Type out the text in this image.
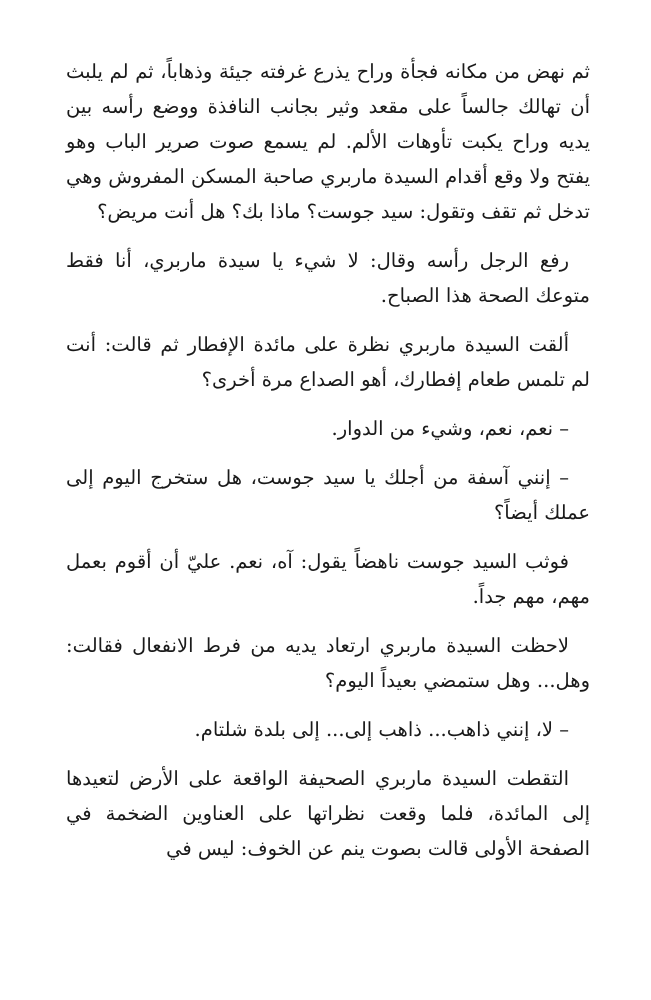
ثم نهض من مكانه فجأة وراح يذرع غرفته جيئة وذهاباً، ثم لم يلبث أن تهالك جالساً على مقعد وثير بجانب النافذة ووضع رأسه بين يديه وراح يكبت تأوهات الألم. لم يسمع صوت صرير الباب وهو يفتح ولا وقع أقدام السيدة ماربري صاحبة المسكن المفروش وهي تدخل ثم تقف وتقول: سيد جوست؟ ماذا بك؟ هل أنت مريض؟

رفع الرجل رأسه وقال: لا شيء يا سيدة ماربري، أنا فقط متوعك الصحة هذا الصباح.

ألقت السيدة ماربري نظرة على مائدة الإفطار ثم قالت: أنت لم تلمس طعام إفطارك، أهو الصداع مرة أخرى؟

– نعم، نعم، وشيء من الدوار.

– إنني آسفة من أجلك يا سيد جوست، هل ستخرج اليوم إلى عملك أيضاً؟

فوثب السيد جوست ناهضاً يقول: آه، نعم. عليّ أن أقوم بعمل مهم، مهم جداً.

لاحظت السيدة ماربري ارتعاد يديه من فرط الانفعال فقالت: وهل... وهل ستمضي بعيداً اليوم؟

– لا، إنني ذاهب... ذاهب إلى... إلى بلدة شلتام.

التقطت السيدة ماربري الصحيفة الواقعة على الأرض لتعيدها إلى المائدة، فلما وقعت نظراتها على العناوين الضخمة في الصفحة الأولى قالت بصوت ينم عن الخوف: ليس في
